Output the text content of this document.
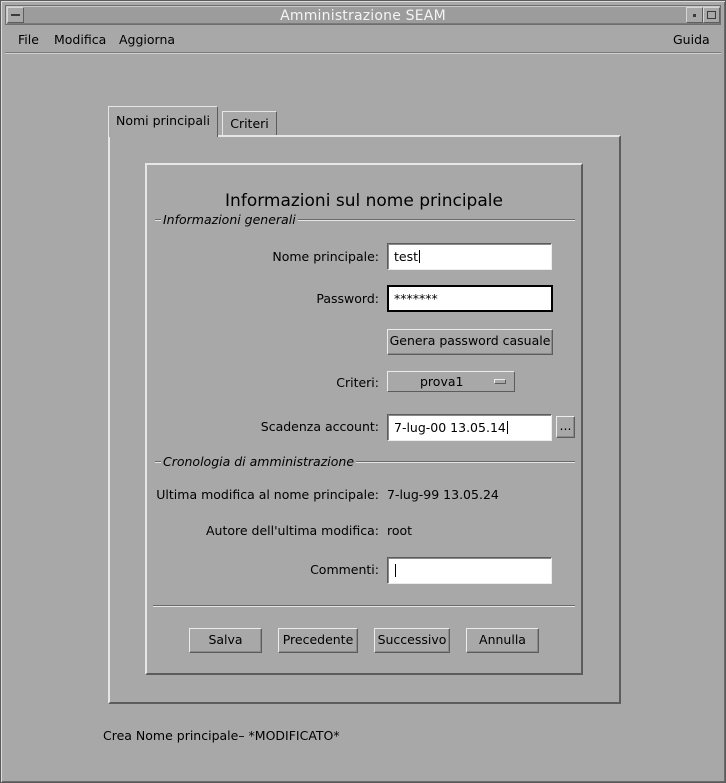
Amministrazione SEAM
File Modifica Aggiorna	Guida
Nomi principali	Criteri
Informazioni sul nome principale
Informazioni generali
Nome principale:	test
Password:	*******
Genera password casuale
Criteri:	prova1
Scadenza account:	7-lug-00 13.05.14	...
Cronologia di amministrazione
Ultima modifica al nome principale: 7-lug-99 13.05.24
Autore dell'ultima modifica: root
Commenti:
Salva	Precedente	Successivo	Annulla
Crea Nome principale– *MODIFICATO*
